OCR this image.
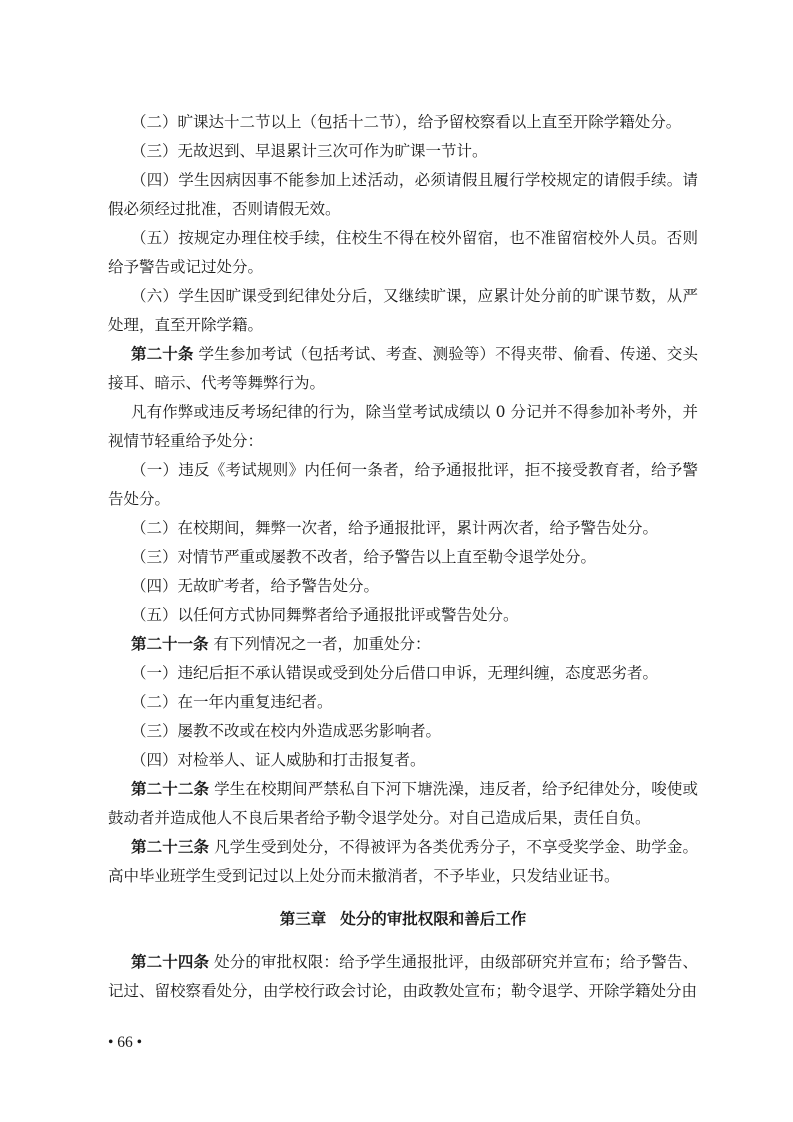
（二）旷课达十二节以上（包括十二节），给予留校察看以上直至开除学籍处分。

（三）无故迟到、早退累计三次可作为旷课一节计。

（四）学生因病因事不能参加上述活动，必须请假且履行学校规定的请假手续。请假必须经过批准，否则请假无效。

（五）按规定办理住校手续，住校生不得在校外留宿，也不准留宿校外人员。否则给予警告或记过处分。

（六）学生因旷课受到纪律处分后，又继续旷课，应累计处分前的旷课节数，从严处理，直至开除学籍。

第二十条 学生参加考试（包括考试、考查、测验等）不得夹带、偷看、传递、交头接耳、暗示、代考等舞弊行为。

凡有作弊或违反考场纪律的行为，除当堂考试成绩以 0 分记并不得参加补考外，并视情节轻重给予处分：

（一）违反《考试规则》内任何一条者，给予通报批评，拒不接受教育者，给予警告处分。

（二）在校期间，舞弊一次者，给予通报批评，累计两次者，给予警告处分。

（三）对情节严重或屡教不改者，给予警告以上直至勒令退学处分。

（四）无故旷考者，给予警告处分。

（五）以任何方式协同舞弊者给予通报批评或警告处分。

第二十一条 有下列情况之一者，加重处分：

（一）违纪后拒不承认错误或受到处分后借口申诉，无理纠缠，态度恶劣者。

（二）在一年内重复违纪者。

（三）屡教不改或在校内外造成恶劣影响者。

（四）对检举人、证人威胁和打击报复者。

第二十二条 学生在校期间严禁私自下河下塘洗澡，违反者，给予纪律处分，唆使或鼓动者并造成他人不良后果者给予勒令退学处分。对自己造成后果，责任自负。

第二十三条 凡学生受到处分，不得被评为各类优秀分子，不享受奖学金、助学金。高中毕业班学生受到记过以上处分而未撤消者，不予毕业，只发结业证书。

第三章 处分的审批权限和善后工作

第二十四条 处分的审批权限：给予学生通报批评，由级部研究并宣布；给予警告、记过、留校察看处分，由学校行政会讨论，由政教处宣布；勒令退学、开除学籍处分由

• 66 •
